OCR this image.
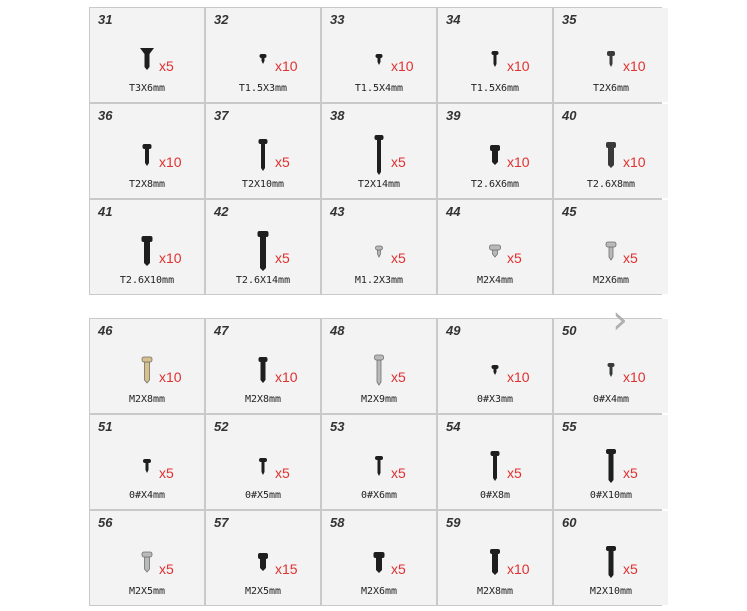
31
x5
T3X6mm
32
x10
T1.5X3mm
33
x10
T1.5X4mm
34
x10
T1.5X6mm
35
x10
T2X6mm
36
x10
T2X8mm
37
x5
T2X10mm
38
x5
T2X14mm
39
x10
T2.6X6mm
40
x10
T2.6X8mm
41
x10
T2.6X10mm
42
x5
T2.6X14mm
43
x5
M1.2X3mm
44
x5
M2X4mm
45
x5
M2X6mm
46
x10
M2X8mm
47
x10
M2X8mm
48
x5
M2X9mm
49
x10
0#X3mm
50
x10
0#X4mm
51
x5
0#X4mm
52
x5
0#X5mm
53
x5
0#X6mm
54
x5
0#X8m
55
x5
0#X10mm
56
x5
M2X5mm
57
x15
M2X5mm
58
x5
M2X6mm
59
x10
M2X8mm
60
x5
M2X10mm
›
